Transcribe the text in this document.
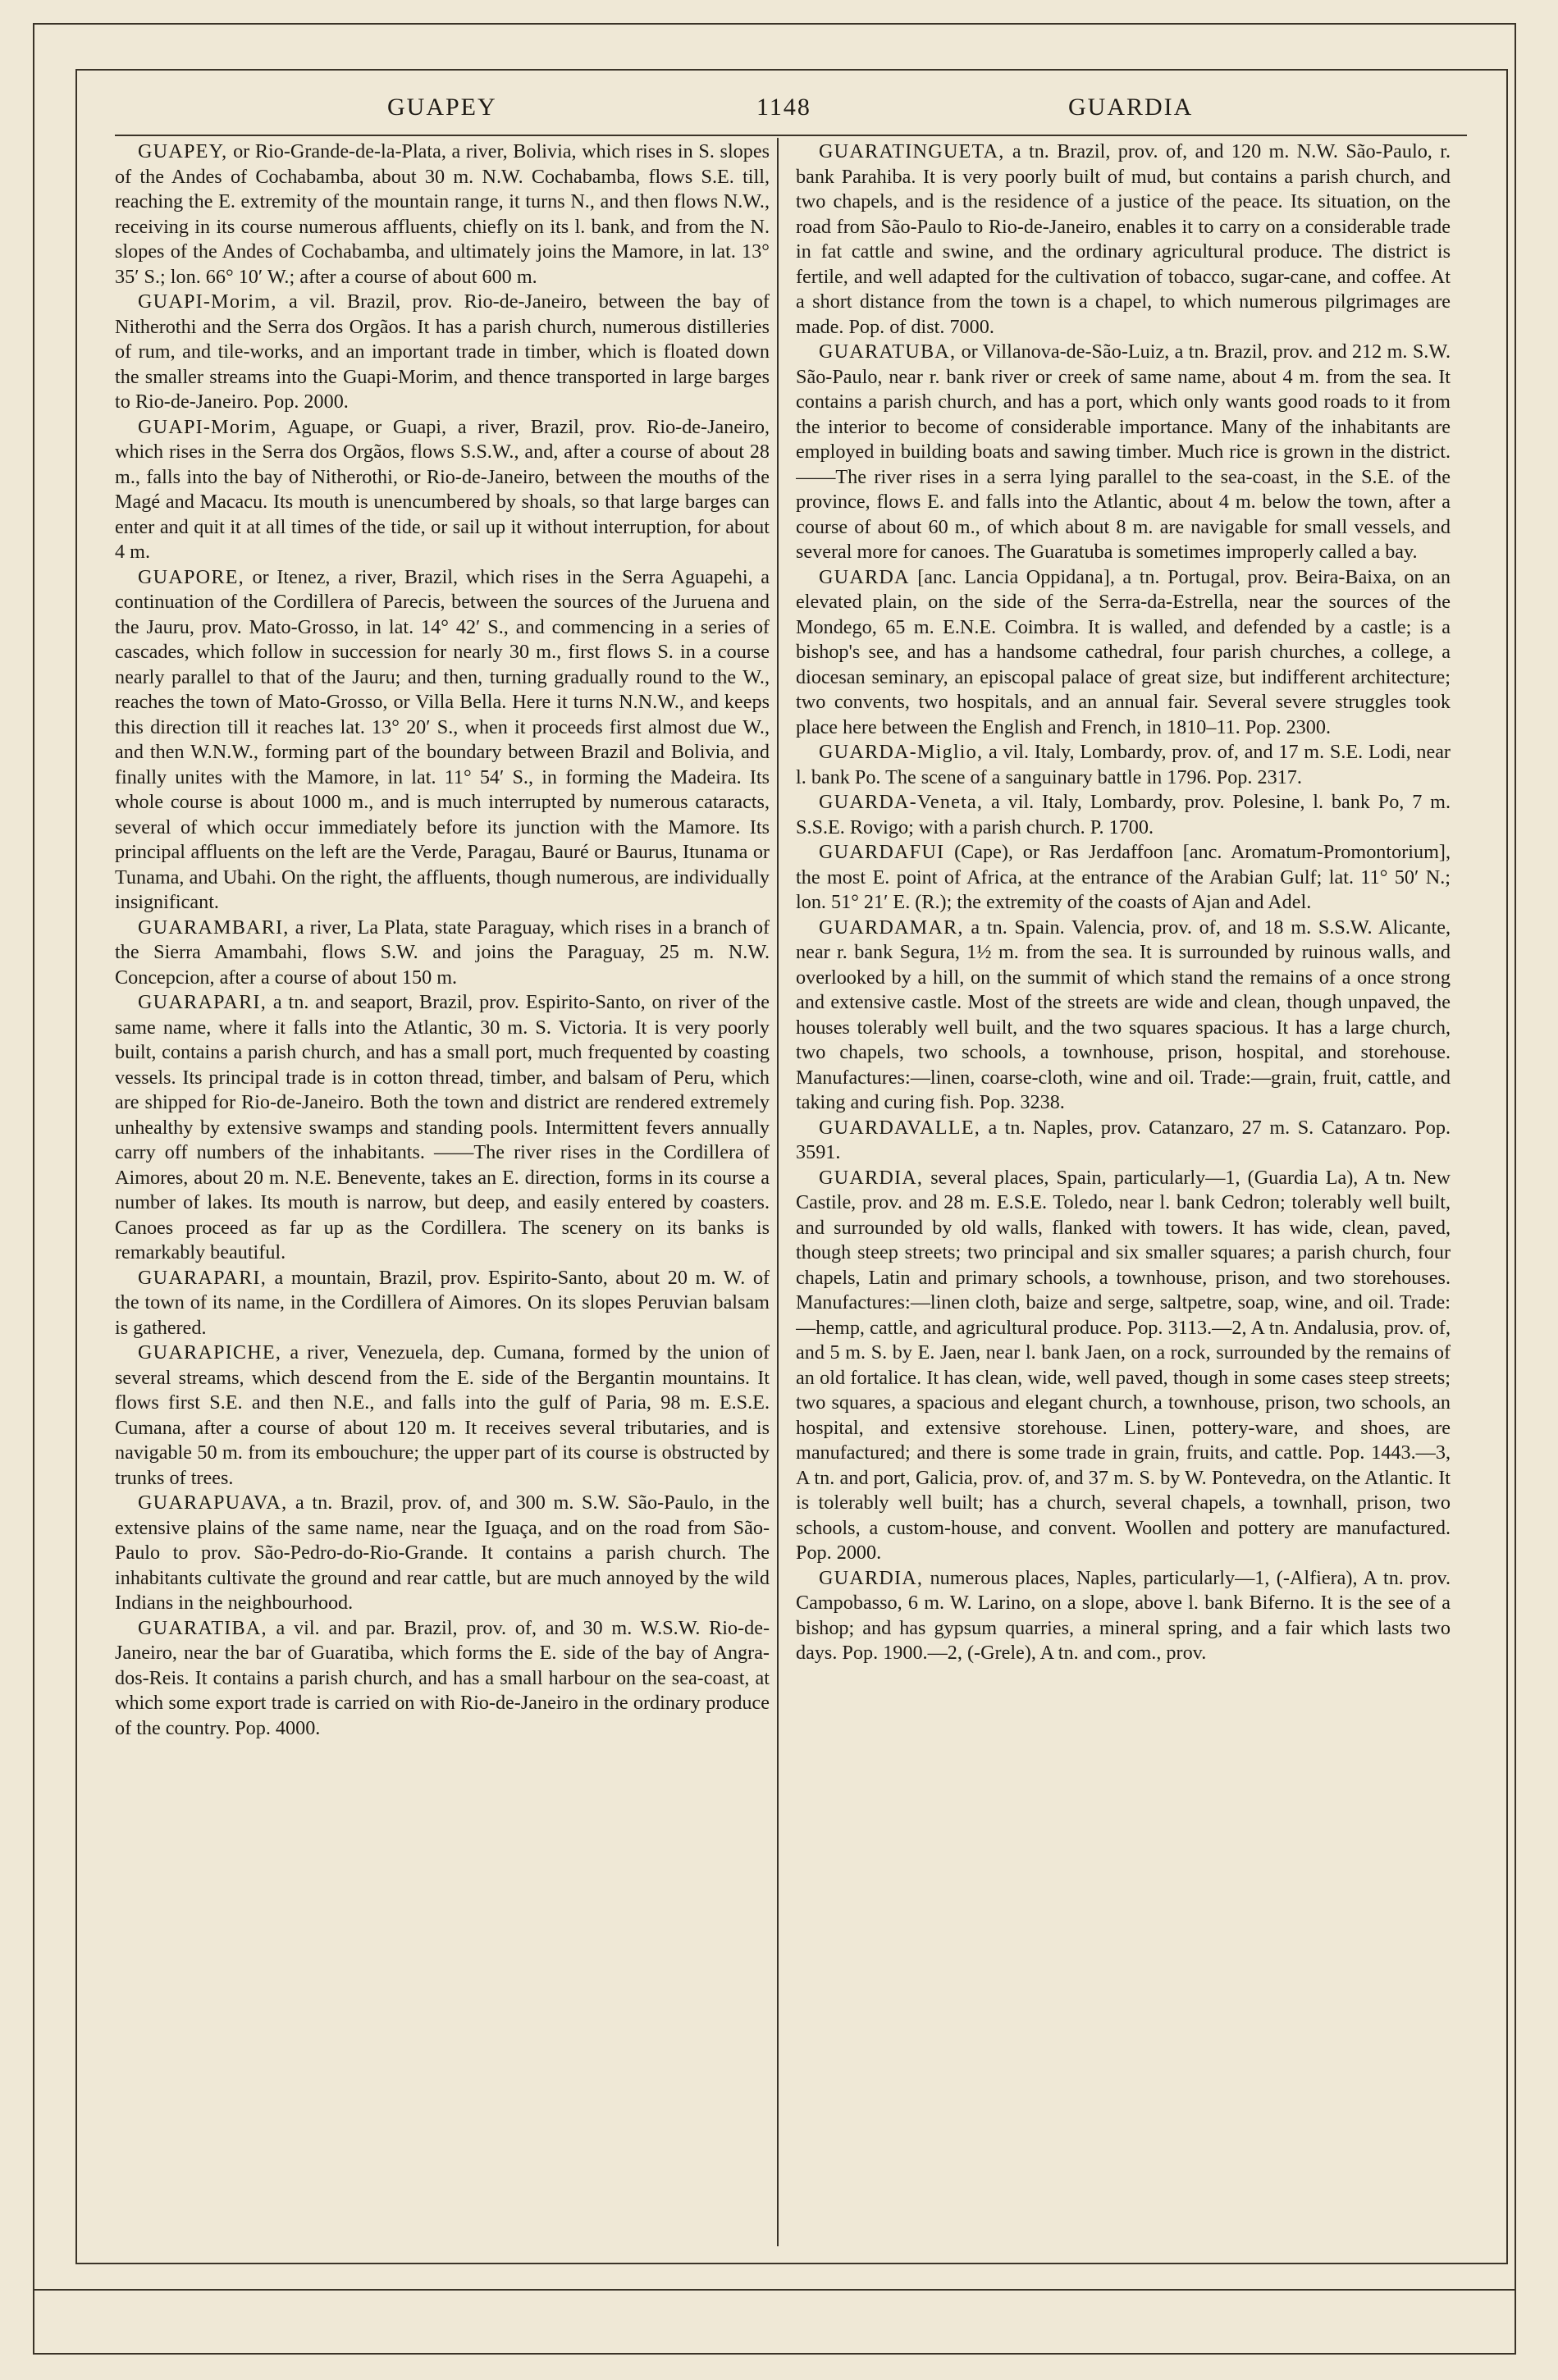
GUAPEY	1148	GUARDIA

GUAPEY, or Rio-Grande-de-la-Plata, a river, Bolivia, which rises in S. slopes of the Andes of Cochabamba, about 30 m. N.W. Cochabamba, flows S.E. till, reaching the E. extremity of the mountain range, it turns N., and then flows N.W., receiving in its course numerous affluents, chiefly on its l. bank, and from the N. slopes of the Andes of Cochabamba, and ultimately joins the Mamore, in lat. 13° 35′ S.; lon. 66° 10′ W.; after a course of about 600 m.

GUAPI-Morim, a vil. Brazil, prov. Rio-de-Janeiro, between the bay of Nitherothi and the Serra dos Orgãos. It has a parish church, numerous distilleries of rum, and tile-works, and an important trade in timber, which is floated down the smaller streams into the Guapi-Morim, and thence transported in large barges to Rio-de-Janeiro. Pop. 2000.

GUAPI-Morim, Aguape, or Guapi, a river, Brazil, prov. Rio-de-Janeiro, which rises in the Serra dos Orgãos, flows S.S.W., and, after a course of about 28 m., falls into the bay of Nitherothi, or Rio-de-Janeiro, between the mouths of the Magé and Macacu. Its mouth is unencumbered by shoals, so that large barges can enter and quit it at all times of the tide, or sail up it without interruption, for about 4 m.

GUAPORE, or Itenez, a river, Brazil, which rises in the Serra Aguapehi, a continuation of the Cordillera of Parecis, between the sources of the Juruena and the Jauru, prov. Mato-Grosso, in lat. 14° 42′ S., and commencing in a series of cascades, which follow in succession for nearly 30 m., first flows S. in a course nearly parallel to that of the Jauru; and then, turning gradually round to the W., reaches the town of Mato-Grosso, or Villa Bella. Here it turns N.N.W., and keeps this direction till it reaches lat. 13° 20′ S., when it proceeds first almost due W., and then W.N.W., forming part of the boundary between Brazil and Bolivia, and finally unites with the Mamore, in lat. 11° 54′ S., in forming the Madeira. Its whole course is about 1000 m., and is much interrupted by numerous cataracts, several of which occur immediately before its junction with the Mamore. Its principal affluents on the left are the Verde, Paragau, Bauré or Baurus, Itunama or Tunama, and Ubahi. On the right, the affluents, though numerous, are individually insignificant.

GUARAMBARI, a river, La Plata, state Paraguay, which rises in a branch of the Sierra Amambahi, flows S.W. and joins the Paraguay, 25 m. N.W. Concepcion, after a course of about 150 m.

GUARAPARI, a tn. and seaport, Brazil, prov. Espirito-Santo, on river of the same name, where it falls into the Atlantic, 30 m. S. Victoria. It is very poorly built, contains a parish church, and has a small port, much frequented by coasting vessels. Its principal trade is in cotton thread, timber, and balsam of Peru, which are shipped for Rio-de-Janeiro. Both the town and district are rendered extremely unhealthy by extensive swamps and standing pools. Intermittent fevers annually carry off numbers of the inhabitants. ——The river rises in the Cordillera of Aimores, about 20 m. N.E. Benevente, takes an E. direction, forms in its course a number of lakes. Its mouth is narrow, but deep, and easily entered by coasters. Canoes proceed as far up as the Cordillera. The scenery on its banks is remarkably beautiful.

GUARAPARI, a mountain, Brazil, prov. Espirito-Santo, about 20 m. W. of the town of its name, in the Cordillera of Aimores. On its slopes Peruvian balsam is gathered.

GUARAPICHE, a river, Venezuela, dep. Cumana, formed by the union of several streams, which descend from the E. side of the Bergantin mountains. It flows first S.E. and then N.E., and falls into the gulf of Paria, 98 m. E.S.E. Cumana, after a course of about 120 m. It receives several tributaries, and is navigable 50 m. from its embouchure; the upper part of its course is obstructed by trunks of trees.

GUARAPUAVA, a tn. Brazil, prov. of, and 300 m. S.W. São-Paulo, in the extensive plains of the same name, near the Iguaça, and on the road from São-Paulo to prov. São-Pedro-do-Rio-Grande. It contains a parish church. The inhabitants cultivate the ground and rear cattle, but are much annoyed by the wild Indians in the neighbourhood.

GUARATIBA, a vil. and par. Brazil, prov. of, and 30 m. W.S.W. Rio-de-Janeiro, near the bar of Guaratiba, which forms the E. side of the bay of Angra-dos-Reis. It contains a parish church, and has a small harbour on the sea-coast, at which some export trade is carried on with Rio-de-Janeiro in the ordinary produce of the country. Pop. 4000.

GUARATINGUETA, a tn. Brazil, prov. of, and 120 m. N.W. São-Paulo, r. bank Parahiba. It is very poorly built of mud, but contains a parish church, and two chapels, and is the residence of a justice of the peace. Its situation, on the road from São-Paulo to Rio-de-Janeiro, enables it to carry on a considerable trade in fat cattle and swine, and the ordinary agricultural produce. The district is fertile, and well adapted for the cultivation of tobacco, sugar-cane, and coffee. At a short distance from the town is a chapel, to which numerous pilgrimages are made. Pop. of dist. 7000.

GUARATUBA, or Villanova-de-São-Luiz, a tn. Brazil, prov. and 212 m. S.W. São-Paulo, near r. bank river or creek of same name, about 4 m. from the sea. It contains a parish church, and has a port, which only wants good roads to it from the interior to become of considerable importance. Many of the inhabitants are employed in building boats and sawing timber. Much rice is grown in the district. ——The river rises in a serra lying parallel to the sea-coast, in the S.E. of the province, flows E. and falls into the Atlantic, about 4 m. below the town, after a course of about 60 m., of which about 8 m. are navigable for small vessels, and several more for canoes. The Guaratuba is sometimes improperly called a bay.

GUARDA [anc. Lancia Oppidana], a tn. Portugal, prov. Beira-Baixa, on an elevated plain, on the side of the Serra-da-Estrella, near the sources of the Mondego, 65 m. E.N.E. Coimbra. It is walled, and defended by a castle; is a bishop's see, and has a handsome cathedral, four parish churches, a college, a diocesan seminary, an episcopal palace of great size, but indifferent architecture; two convents, two hospitals, and an annual fair. Several severe struggles took place here between the English and French, in 1810–11. Pop. 2300.

GUARDA-Miglio, a vil. Italy, Lombardy, prov. of, and 17 m. S.E. Lodi, near l. bank Po. The scene of a sanguinary battle in 1796. Pop. 2317.

GUARDA-Veneta, a vil. Italy, Lombardy, prov. Polesine, l. bank Po, 7 m. S.S.E. Rovigo; with a parish church. P. 1700.

GUARDAFUI (Cape), or Ras Jerdaffoon [anc. Aromatum-Promontorium], the most E. point of Africa, at the entrance of the Arabian Gulf; lat. 11° 50′ N.; lon. 51° 21′ E. (R.); the extremity of the coasts of Ajan and Adel.

GUARDAMAR, a tn. Spain. Valencia, prov. of, and 18 m. S.S.W. Alicante, near r. bank Segura, 1½ m. from the sea. It is surrounded by ruinous walls, and overlooked by a hill, on the summit of which stand the remains of a once strong and extensive castle. Most of the streets are wide and clean, though unpaved, the houses tolerably well built, and the two squares spacious. It has a large church, two chapels, two schools, a townhouse, prison, hospital, and storehouse. Manufactures:—linen, coarse-cloth, wine and oil. Trade:—grain, fruit, cattle, and taking and curing fish. Pop. 3238.

GUARDAVALLE, a tn. Naples, prov. Catanzaro, 27 m. S. Catanzaro. Pop. 3591.

GUARDIA, several places, Spain, particularly—1, (Guardia La), A tn. New Castile, prov. and 28 m. E.S.E. Toledo, near l. bank Cedron; tolerably well built, and surrounded by old walls, flanked with towers. It has wide, clean, paved, though steep streets; two principal and six smaller squares; a parish church, four chapels, Latin and primary schools, a townhouse, prison, and two storehouses. Manufactures:—linen cloth, baize and serge, saltpetre, soap, wine, and oil. Trade:—hemp, cattle, and agricultural produce. Pop. 3113.—2, A tn. Andalusia, prov. of, and 5 m. S. by E. Jaen, near l. bank Jaen, on a rock, surrounded by the remains of an old fortalice. It has clean, wide, well paved, though in some cases steep streets; two squares, a spacious and elegant church, a townhouse, prison, two schools, an hospital, and extensive storehouse. Linen, pottery-ware, and shoes, are manufactured; and there is some trade in grain, fruits, and cattle. Pop. 1443.—3, A tn. and port, Galicia, prov. of, and 37 m. S. by W. Pontevedra, on the Atlantic. It is tolerably well built; has a church, several chapels, a townhall, prison, two schools, a custom-house, and convent. Woollen and pottery are manufactured. Pop. 2000.

GUARDIA, numerous places, Naples, particularly—1, (-Alfiera), A tn. prov. Campobasso, 6 m. W. Larino, on a slope, above l. bank Biferno. It is the see of a bishop; and has gypsum quarries, a mineral spring, and a fair which lasts two days. Pop. 1900.—2, (-Grele), A tn. and com., prov.
